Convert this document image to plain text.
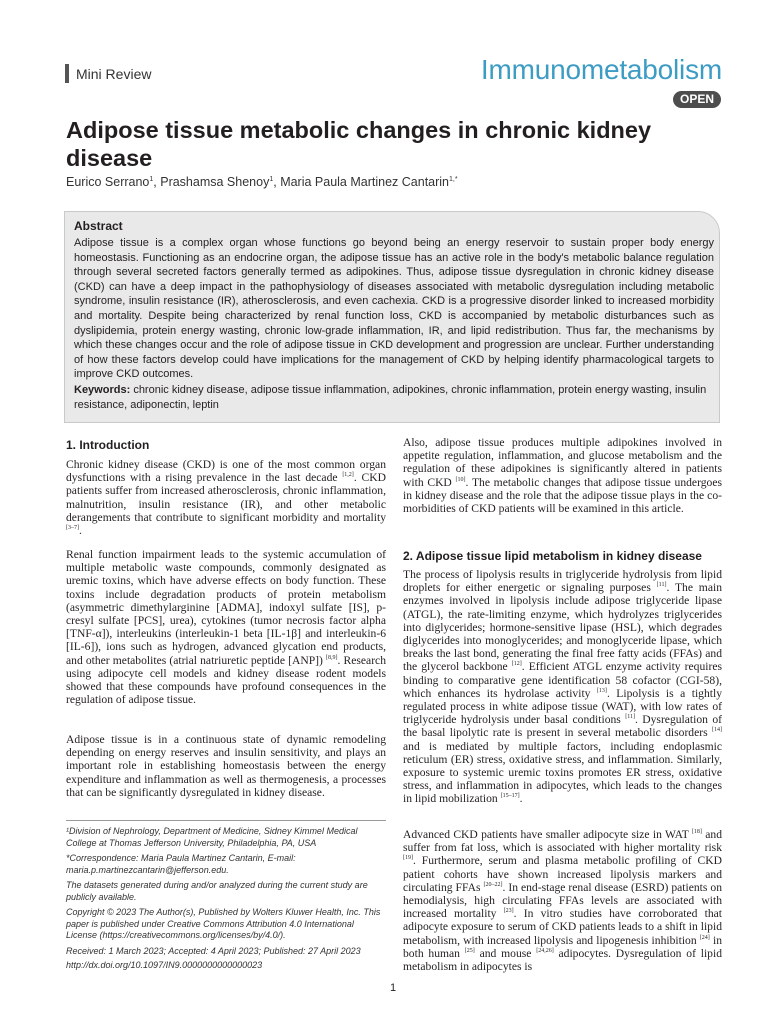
Mini Review	Immunometabolism
OPEN
Adipose tissue metabolic changes in chronic kidney disease
Eurico Serrano$^1$, Prashamsa Shenoy$^1$, Maria Paula Martinez Cantarin$^{1,*}$
Abstract
Adipose tissue is a complex organ whose functions go beyond being an energy reservoir to sustain proper body energy homeostasis. Functioning as an endocrine organ, the adipose tissue has an active role in the body's metabolic balance regulation through several secreted factors generally termed as adipokines. Thus, adipose tissue dysregulation in chronic kidney disease (CKD) can have a deep impact in the pathophysiology of diseases associated with metabolic dysregulation including metabolic syndrome, insulin resistance (IR), atherosclerosis, and even cachexia. CKD is a progressive disorder linked to increased morbidity and mortality. Despite being characterized by renal function loss, CKD is accompanied by metabolic disturbances such as dyslipidemia, protein energy wasting, chronic low-grade inflammation, IR, and lipid redistribution. Thus far, the mechanisms by which these changes occur and the role of adipose tissue in CKD development and progression are unclear. Further understanding of how these factors develop could have implications for the management of CKD by helping identify pharmacological targets to improve CKD outcomes.
Keywords: chronic kidney disease, adipose tissue inflammation, adipokines, chronic inflammation, protein energy wasting, insulin resistance, adiponectin, leptin
1. Introduction
Chronic kidney disease (CKD) is one of the most common organ dysfunctions with a rising prevalence in the last decade [1,2]. CKD patients suffer from increased atherosclerosis, chronic inflammation, malnutrition, insulin resistance (IR), and other metabolic derangements that contribute to significant morbidity and mortality [3–7].
Renal function impairment leads to the systemic accumulation of multiple metabolic waste compounds, commonly designated as uremic toxins, which have adverse effects on body function. These toxins include degradation products of protein metabolism (asymmetric dimethylarginine [ADMA], indoxyl sulfate [IS], p-cresyl sulfate [PCS], urea), cytokines (tumor necrosis factor alpha [TNF-α]), interleukins (interleukin-1 beta [IL-1β] and interleukin-6 [IL-6]), ions such as hydrogen, advanced glycation end products, and other metabolites (atrial natriuretic peptide [ANP]) [8,9]. Research using adipocyte cell models and kidney disease rodent models showed that these compounds have profound consequences in the regulation of adipose tissue.
Adipose tissue is in a continuous state of dynamic remodeling depending on energy reserves and insulin sensitivity, and plays an important role in establishing homeostasis between the energy expenditure and inflammation as well as thermogenesis, a processes that can be significantly dysregulated in kidney disease.
¹Division of Nephrology, Department of Medicine, Sidney Kimmel Medical College at Thomas Jefferson University, Philadelphia, PA, USA
*Correspondence: Maria Paula Martinez Cantarin, E-mail: maria.p.martinezcantarin@jefferson.edu.
The datasets generated during and/or analyzed during the current study are publicly available.
Copyright © 2023 The Author(s), Published by Wolters Kluwer Health, Inc. This paper is published under Creative Commons Attribution 4.0 International License (https://creativecommons.org/licenses/by/4.0/).
Received: 1 March 2023; Accepted: 4 April 2023; Published: 27 April 2023
http://dx.doi.org/10.1097/IN9.0000000000000023
Also, adipose tissue produces multiple adipokines involved in appetite regulation, inflammation, and glucose metabolism and the regulation of these adipokines is significantly altered in patients with CKD [10]. The metabolic changes that adipose tissue undergoes in kidney disease and the role that the adipose tissue plays in the co-morbidities of CKD patients will be examined in this article.
2. Adipose tissue lipid metabolism in kidney disease
The process of lipolysis results in triglyceride hydrolysis from lipid droplets for either energetic or signaling purposes [11]. The main enzymes involved in lipolysis include adipose triglyceride lipase (ATGL), the rate-limiting enzyme, which hydrolyzes triglycerides into diglycerides; hormone-sensitive lipase (HSL), which degrades diglycerides into monoglycerides; and monoglyceride lipase, which breaks the last bond, generating the final free fatty acids (FFAs) and the glycerol backbone [12]. Efficient ATGL enzyme activity requires binding to comparative gene identification 58 cofactor (CGI-58), which enhances its hydrolase activity [13]. Lipolysis is a tightly regulated process in white adipose tissue (WAT), with low rates of triglyceride hydrolysis under basal conditions [11]. Dysregulation of the basal lipolytic rate is present in several metabolic disorders [14] and is mediated by multiple factors, including endoplasmic reticulum (ER) stress, oxidative stress, and inflammation. Similarly, exposure to systemic uremic toxins promotes ER stress, oxidative stress, and inflammation in adipocytes, which leads to the changes in lipid mobilization [15–17].
Advanced CKD patients have smaller adipocyte size in WAT [18] and suffer from fat loss, which is associated with higher mortality risk [19]. Furthermore, serum and plasma metabolic profiling of CKD patient cohorts have shown increased lipolysis markers and circulating FFAs [20–22]. In end-stage renal disease (ESRD) patients on hemodialysis, high circulating FFAs levels are associated with increased mortality [23]. In vitro studies have corroborated that adipocyte exposure to serum of CKD patients leads to a shift in lipid metabolism, with increased lipolysis and lipogenesis inhibition [24] in both human [25] and mouse [24,26] adipocytes. Dysregulation of lipid metabolism in adipocytes is
1
